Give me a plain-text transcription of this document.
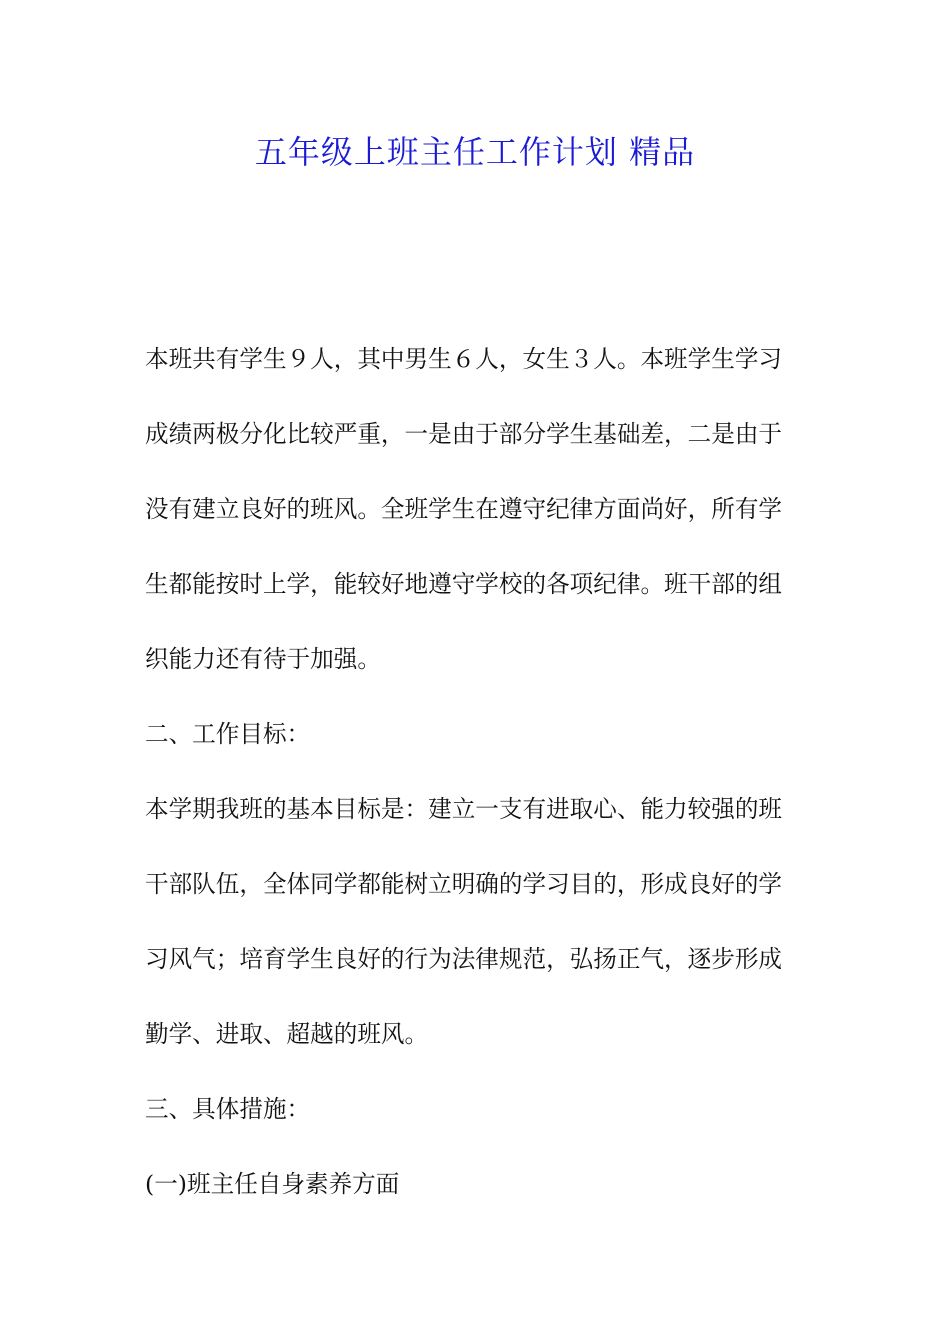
五年级上班主任工作计划 精品
本班共有学生９人，其中男生６人，女生３人。本班学生学习
成绩两极分化比较严重，一是由于部分学生基础差，二是由于
没有建立良好的班风。全班学生在遵守纪律方面尚好，所有学
生都能按时上学，能较好地遵守学校的各项纪律。班干部的组
织能力还有待于加强。
二、工作目标：
本学期我班的基本目标是：建立一支有进取心、能力较强的班
干部队伍，全体同学都能树立明确的学习目的，形成良好的学
习风气；培育学生良好的行为法律规范，弘扬正气，逐步形成
勤学、进取、超越的班风。
三、具体措施：
(一)班主任自身素养方面
